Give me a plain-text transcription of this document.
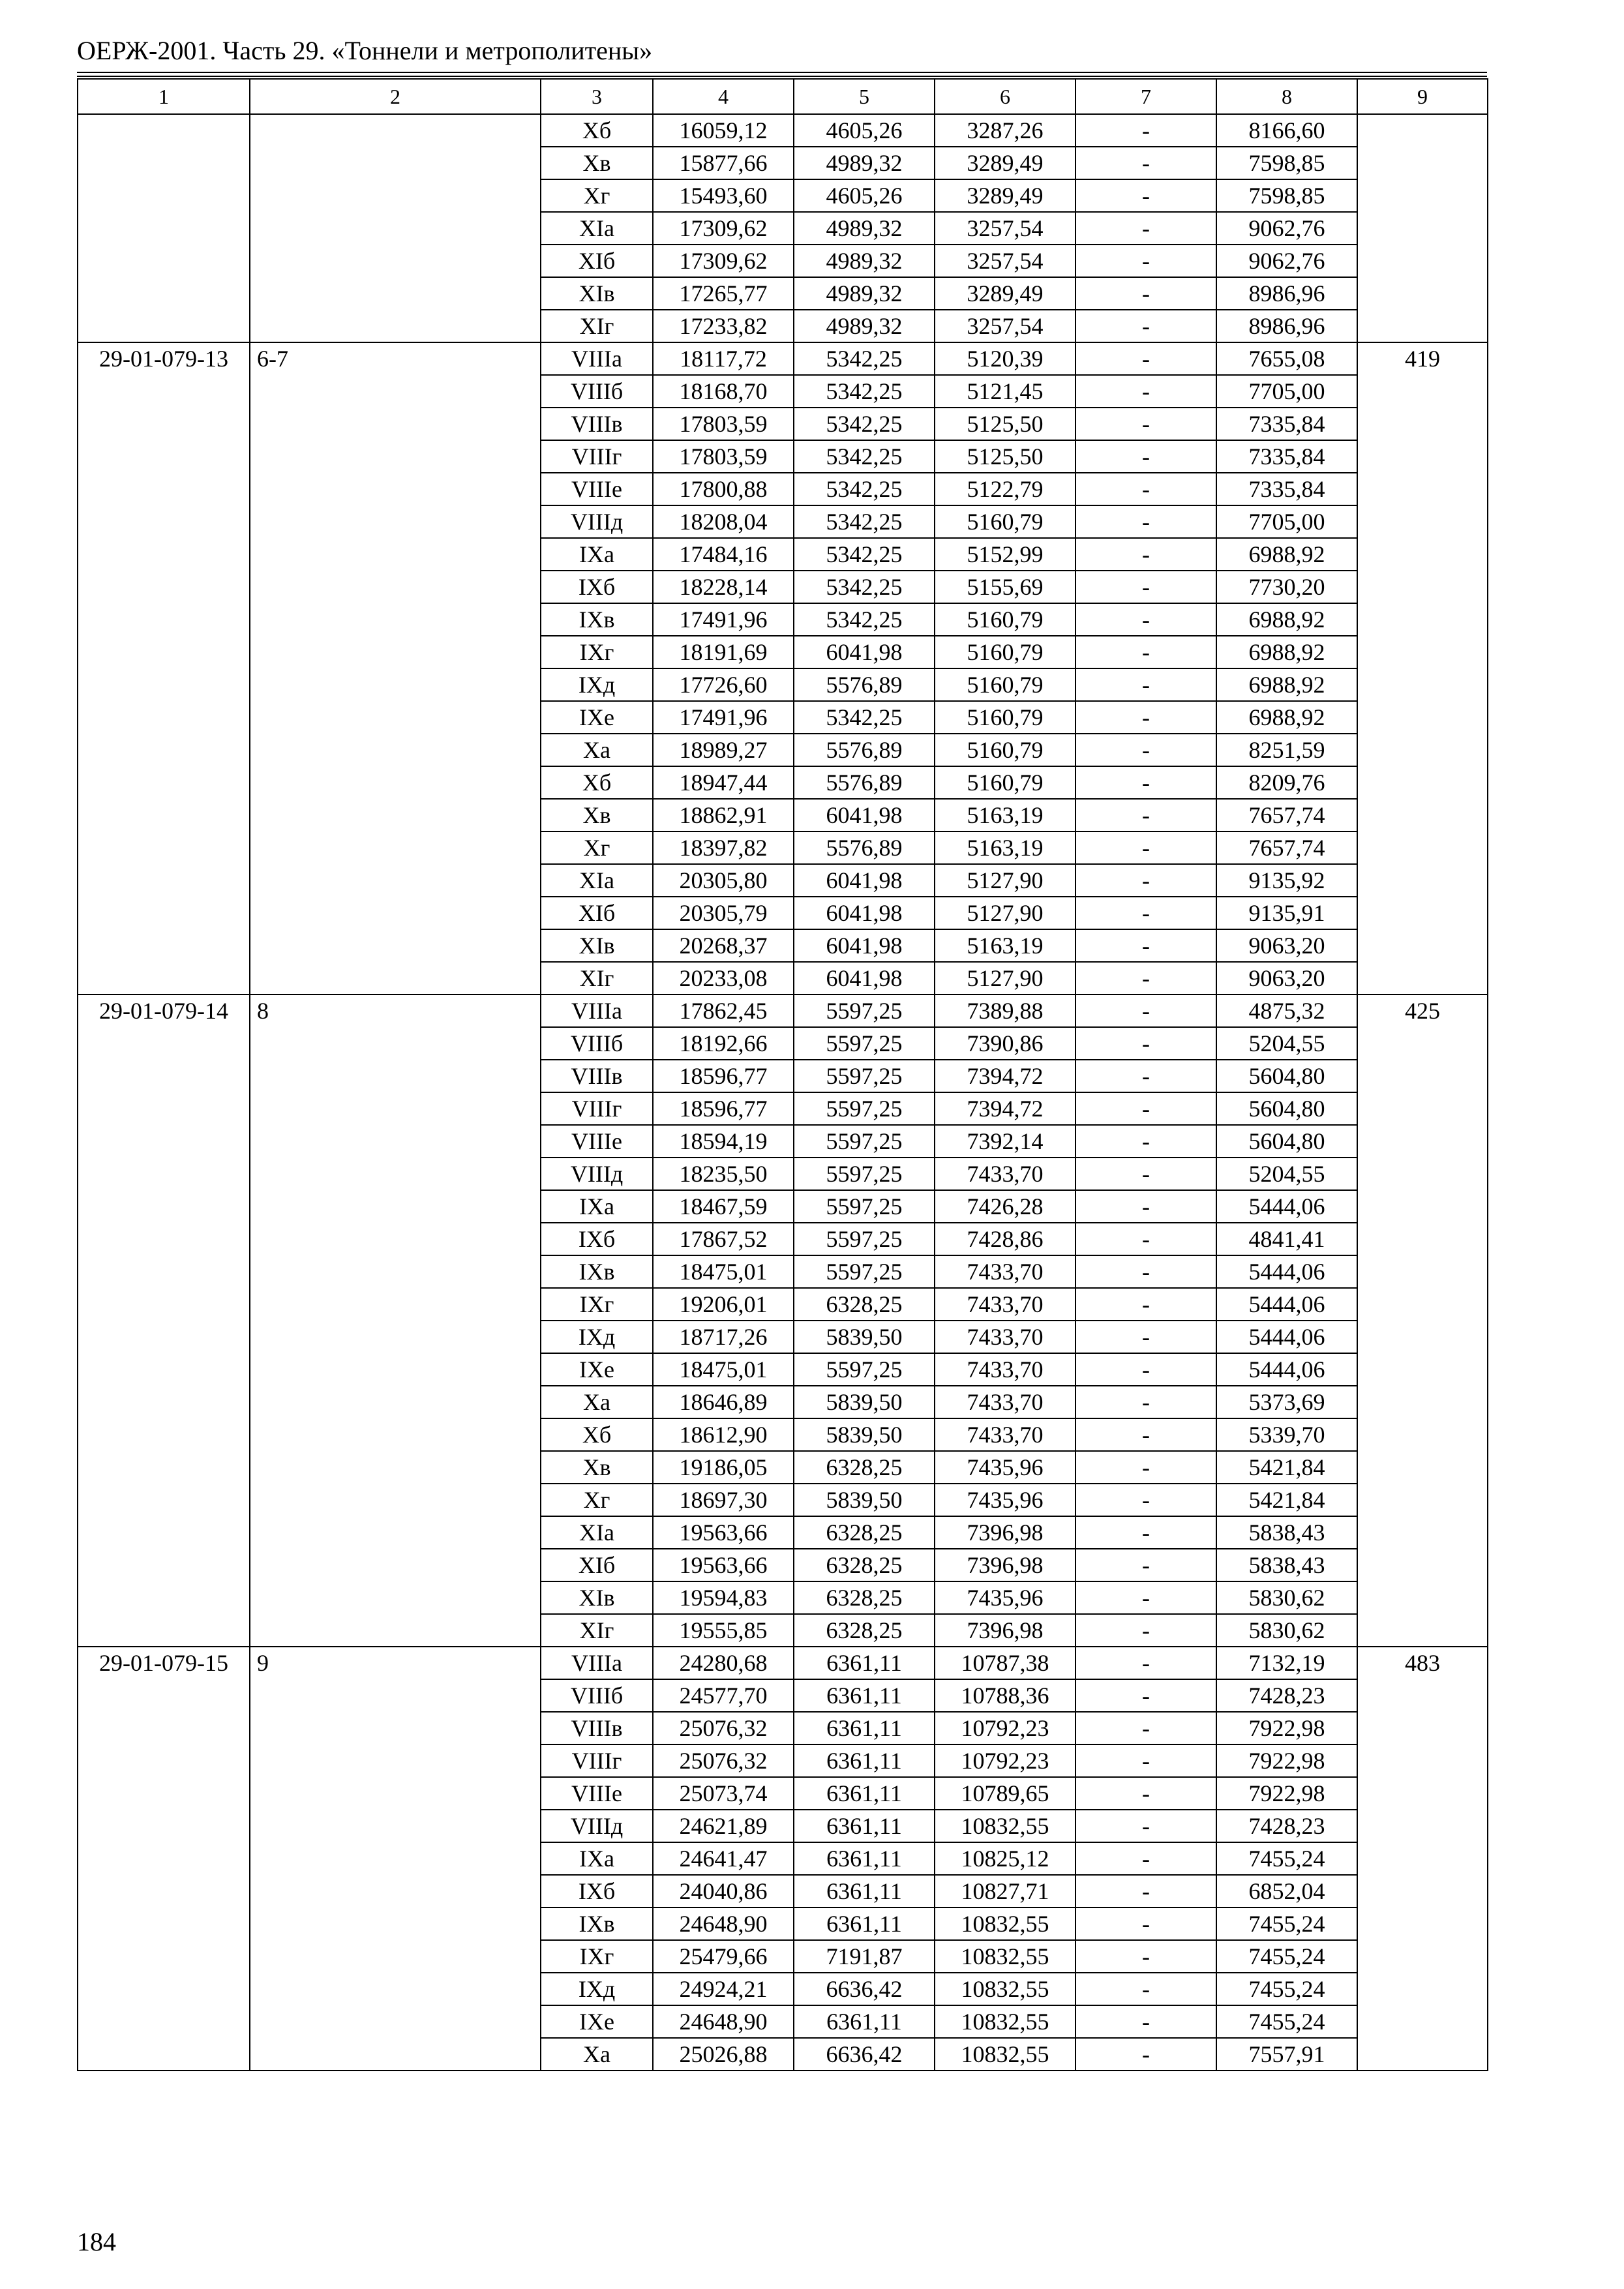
ОЕРЖ-2001. Часть 29. «Тоннели и метрополитены»
1	2	3	4	5	6	7	8	9
		Xб	16059,12	4605,26	3287,26	-	8166,60	
		Xв	15877,66	4989,32	3289,49	-	7598,85	
		Xг	15493,60	4605,26	3289,49	-	7598,85	
		XIa	17309,62	4989,32	3257,54	-	9062,76	
		XIб	17309,62	4989,32	3257,54	-	9062,76	
		XIв	17265,77	4989,32	3289,49	-	8986,96	
		XIг	17233,82	4989,32	3257,54	-	8986,96	
29-01-079-13	6-7	VIIIa	18117,72	5342,25	5120,39	-	7655,08	419
		VIIIб	18168,70	5342,25	5121,45	-	7705,00	
		VIIIв	17803,59	5342,25	5125,50	-	7335,84	
		VIIIг	17803,59	5342,25	5125,50	-	7335,84	
		VIIIe	17800,88	5342,25	5122,79	-	7335,84	
		VIIIд	18208,04	5342,25	5160,79	-	7705,00	
		IXa	17484,16	5342,25	5152,99	-	6988,92	
		IXб	18228,14	5342,25	5155,69	-	7730,20	
		IXв	17491,96	5342,25	5160,79	-	6988,92	
		IXг	18191,69	6041,98	5160,79	-	6988,92	
		IXд	17726,60	5576,89	5160,79	-	6988,92	
		IXe	17491,96	5342,25	5160,79	-	6988,92	
		Xa	18989,27	5576,89	5160,79	-	8251,59	
		Xб	18947,44	5576,89	5160,79	-	8209,76	
		Xв	18862,91	6041,98	5163,19	-	7657,74	
		Xг	18397,82	5576,89	5163,19	-	7657,74	
		XIa	20305,80	6041,98	5127,90	-	9135,92	
		XIб	20305,79	6041,98	5127,90	-	9135,91	
		XIв	20268,37	6041,98	5163,19	-	9063,20	
		XIг	20233,08	6041,98	5127,90	-	9063,20	
29-01-079-14	8	VIIIa	17862,45	5597,25	7389,88	-	4875,32	425
		VIIIб	18192,66	5597,25	7390,86	-	5204,55	
		VIIIв	18596,77	5597,25	7394,72	-	5604,80	
		VIIIг	18596,77	5597,25	7394,72	-	5604,80	
		VIIIe	18594,19	5597,25	7392,14	-	5604,80	
		VIIIд	18235,50	5597,25	7433,70	-	5204,55	
		IXa	18467,59	5597,25	7426,28	-	5444,06	
		IXб	17867,52	5597,25	7428,86	-	4841,41	
		IXв	18475,01	5597,25	7433,70	-	5444,06	
		IXг	19206,01	6328,25	7433,70	-	5444,06	
		IXд	18717,26	5839,50	7433,70	-	5444,06	
		IXe	18475,01	5597,25	7433,70	-	5444,06	
		Xa	18646,89	5839,50	7433,70	-	5373,69	
		Xб	18612,90	5839,50	7433,70	-	5339,70	
		Xв	19186,05	6328,25	7435,96	-	5421,84	
		Xг	18697,30	5839,50	7435,96	-	5421,84	
		XIa	19563,66	6328,25	7396,98	-	5838,43	
		XIб	19563,66	6328,25	7396,98	-	5838,43	
		XIв	19594,83	6328,25	7435,96	-	5830,62	
		XIг	19555,85	6328,25	7396,98	-	5830,62	
29-01-079-15	9	VIIIa	24280,68	6361,11	10787,38	-	7132,19	483
		VIIIб	24577,70	6361,11	10788,36	-	7428,23	
		VIIIв	25076,32	6361,11	10792,23	-	7922,98	
		VIIIг	25076,32	6361,11	10792,23	-	7922,98	
		VIIIe	25073,74	6361,11	10789,65	-	7922,98	
		VIIIд	24621,89	6361,11	10832,55	-	7428,23	
		IXa	24641,47	6361,11	10825,12	-	7455,24	
		IXб	24040,86	6361,11	10827,71	-	6852,04	
		IXв	24648,90	6361,11	10832,55	-	7455,24	
		IXг	25479,66	7191,87	10832,55	-	7455,24	
		IXд	24924,21	6636,42	10832,55	-	7455,24	
		IXe	24648,90	6361,11	10832,55	-	7455,24	
		Xa	25026,88	6636,42	10832,55	-	7557,91	
184
